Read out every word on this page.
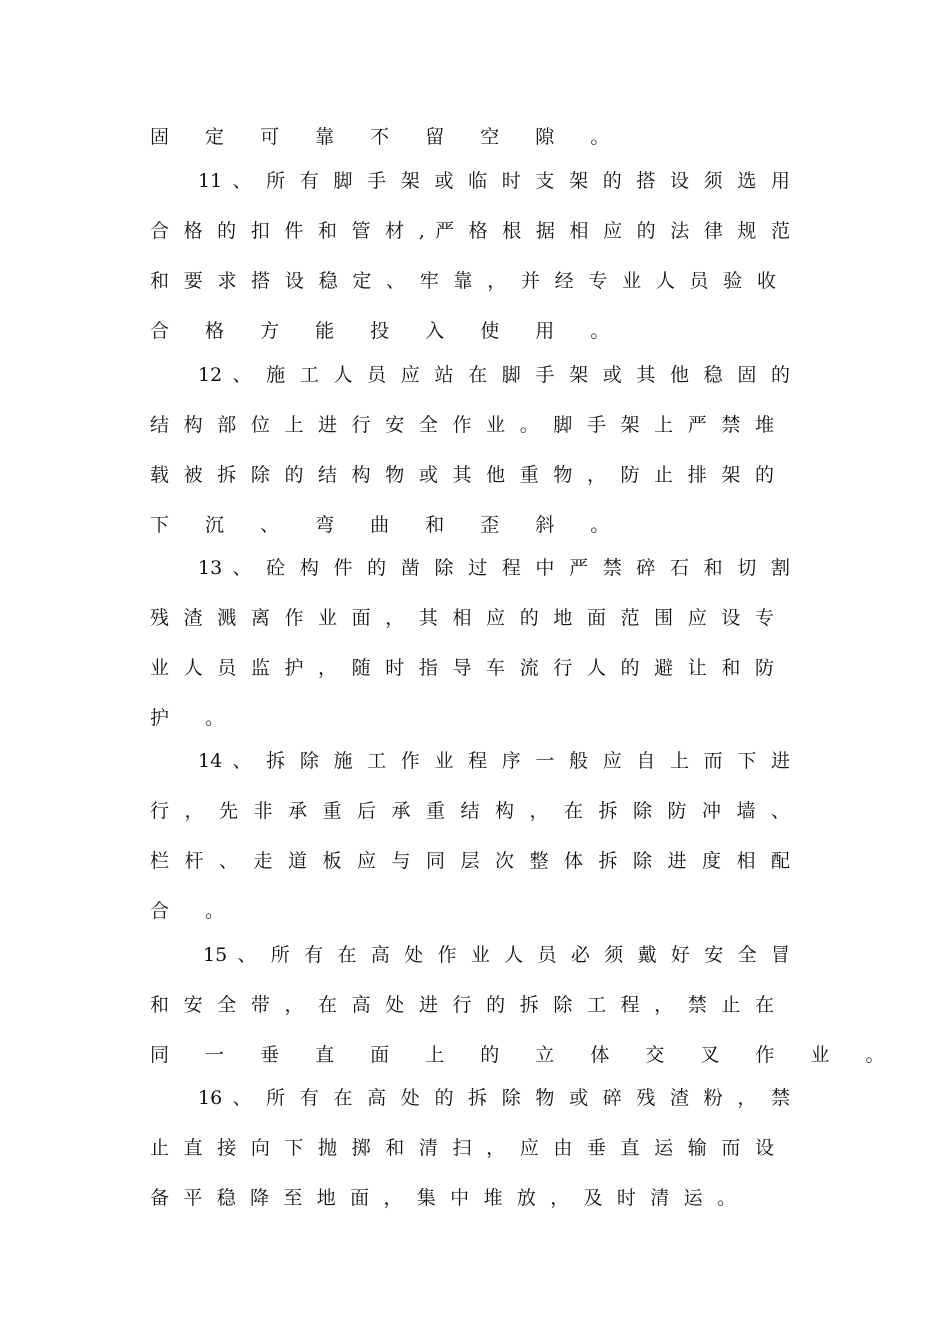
固 定 可 靠 不 留 空 隙 。
11 、 所 有 脚 手 架 或 临 时 支 架 的 搭 设 须 选 用
合 格 的 扣 件 和 管 材 , 严 格 根 据 相 应 的 法 律 规 范
和 要 求 搭 设 稳 定 、 牢 靠 ， 并 经 专 业 人 员 验 收
合 格 方 能 投 入 使 用 。
12 、 施 工 人 员 应 站 在 脚 手 架 或 其 他 稳 固 的
结 构 部 位 上 进 行 安 全 作 业 。 脚 手 架 上 严 禁 堆
载 被 拆 除 的 结 构 物 或 其 他 重 物 ， 防 止 排 架 的
下 沉 、 弯 曲 和 歪 斜 。
13 、 砼 构 件 的 凿 除 过 程 中 严 禁 碎 石 和 切 割
残 渣 溅 离 作 业 面 ， 其 相 应 的 地 面 范 围 应 设 专
业 人 员 监 护 ， 随 时 指 导 车 流 行 人 的 避 让 和 防
护 。
14 、 拆 除 施 工 作 业 程 序 一 般 应 自 上 而 下 进
行 ， 先 非 承 重 后 承 重 结 构 ， 在 拆 除 防 冲 墙 、
栏 杆 、 走 道 板 应 与 同 层 次 整 体 拆 除 进 度 相 配
合 。
15 、 所 有 在 高 处 作 业 人 员 必 须 戴 好 安 全 冒
和 安 全 带 ， 在 高 处 进 行 的 拆 除 工 程 ， 禁 止 在
同 一 垂 直 面 上 的 立 体 交 叉 作 业 。
16 、 所 有 在 高 处 的 拆 除 物 或 碎 残 渣 粉 ， 禁
止 直 接 向 下 抛 掷 和 清 扫 ， 应 由 垂 直 运 输 而 设
备 平 稳 降 至 地 面 ， 集 中 堆 放 ， 及 时 清 运 。
